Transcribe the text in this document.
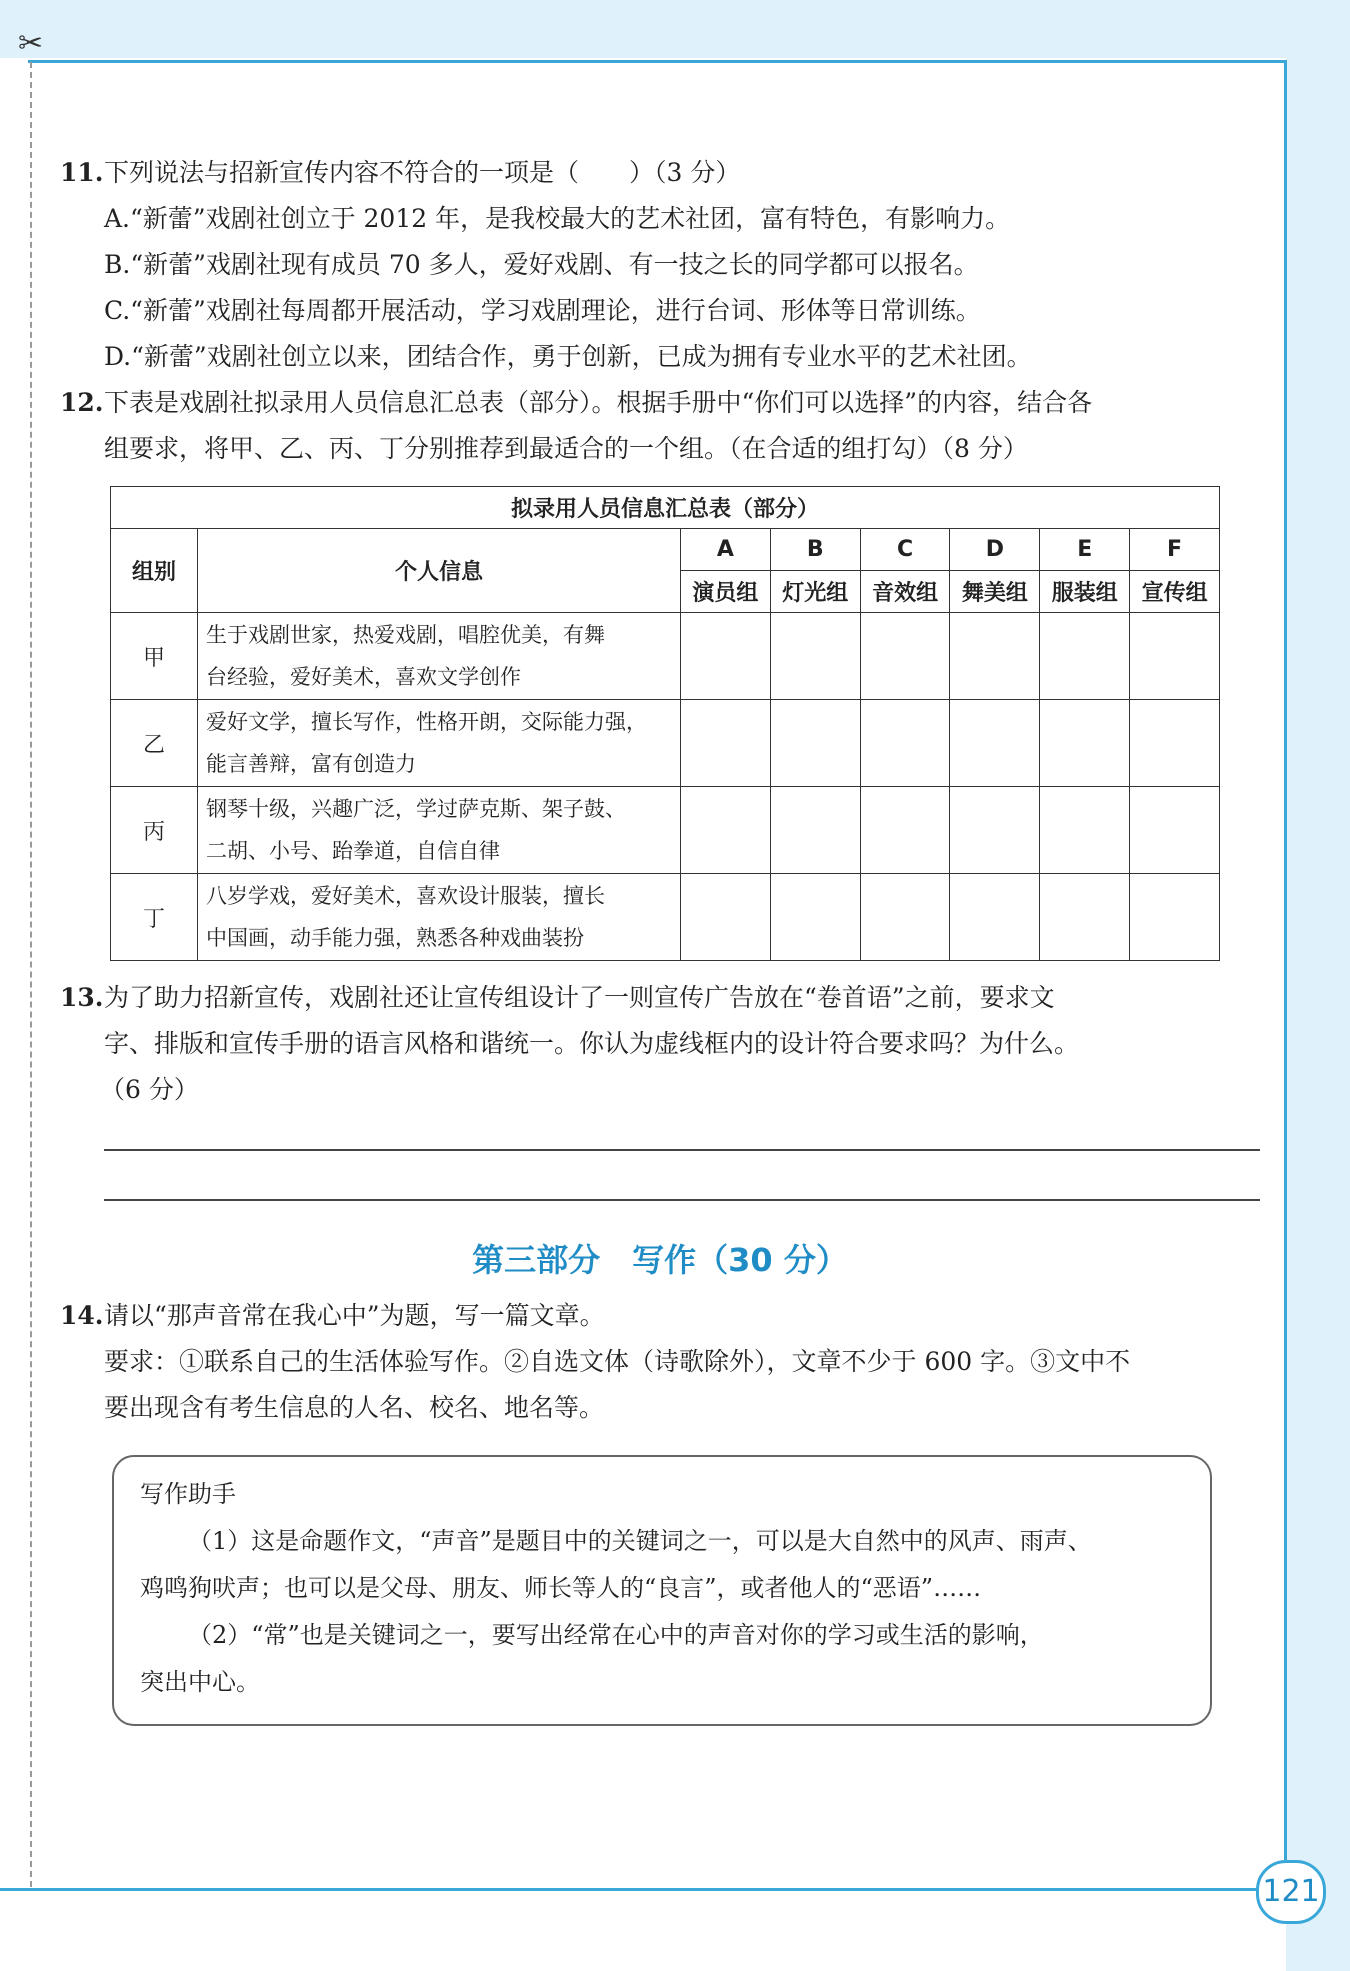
✂
121
11. 下列说法与招新宣传内容不符合的一项是（　　）（3 分）

A.“新蕾”戏剧社创立于 2012 年，是我校最大的艺术社团，富有特色，有影响力。

B.“新蕾”戏剧社现有成员 70 多人，爱好戏剧、有一技之长的同学都可以报名。

C.“新蕾”戏剧社每周都开展活动，学习戏剧理论，进行台词、形体等日常训练。

D.“新蕾”戏剧社创立以来，团结合作，勇于创新，已成为拥有专业水平的艺术社团。

12. 下表是戏剧社拟录用人员信息汇总表（部分）。根据手册中“你们可以选择”的内容，结合各

组要求，将甲、乙、丙、丁分别推荐到最适合的一个组。（在合适的组打勾）（8 分）

拟录用人员信息汇总表（部分）							
组别	个人信息	A	B	C	D	E	F
		演员组	灯光组	音效组	舞美组	服装组	宣传组
甲	生于戏剧世家，热爱戏剧，唱腔优美，有舞
台经验，爱好美术，喜欢文学创作						

乙	爱好文学，擅长写作，性格开朗，交际能力强，
能言善辩，富有创造力						

丙	钢琴十级，兴趣广泛，学过萨克斯、架子鼓、
二胡、小号、跆拳道，自信自律						

丁	八岁学戏，爱好美术，喜欢设计服装，擅长
中国画，动手能力强，熟悉各种戏曲装扮						

13. 为了助力招新宣传，戏剧社还让宣传组设计了一则宣传广告放在“卷首语”之前，要求文

字、排版和宣传手册的语言风格和谐统一。你认为虚线框内的设计符合要求吗？为什么。

（6 分）

第三部分　写作（30 分）

14. 请以“那声音常在我心中”为题，写一篇文章。

要求：①联系自己的生活体验写作。②自选文体（诗歌除外），文章不少于 600 字。③文中不

要出现含有考生信息的人名、校名、地名等。

写作助手

（1）这是命题作文，“声音”是题目中的关键词之一，可以是大自然中的风声、雨声、

鸡鸣狗吠声；也可以是父母、朋友、师长等人的“良言”，或者他人的“恶语”……

（2）“常”也是关键词之一，要写出经常在心中的声音对你的学习或生活的影响，

突出中心。
